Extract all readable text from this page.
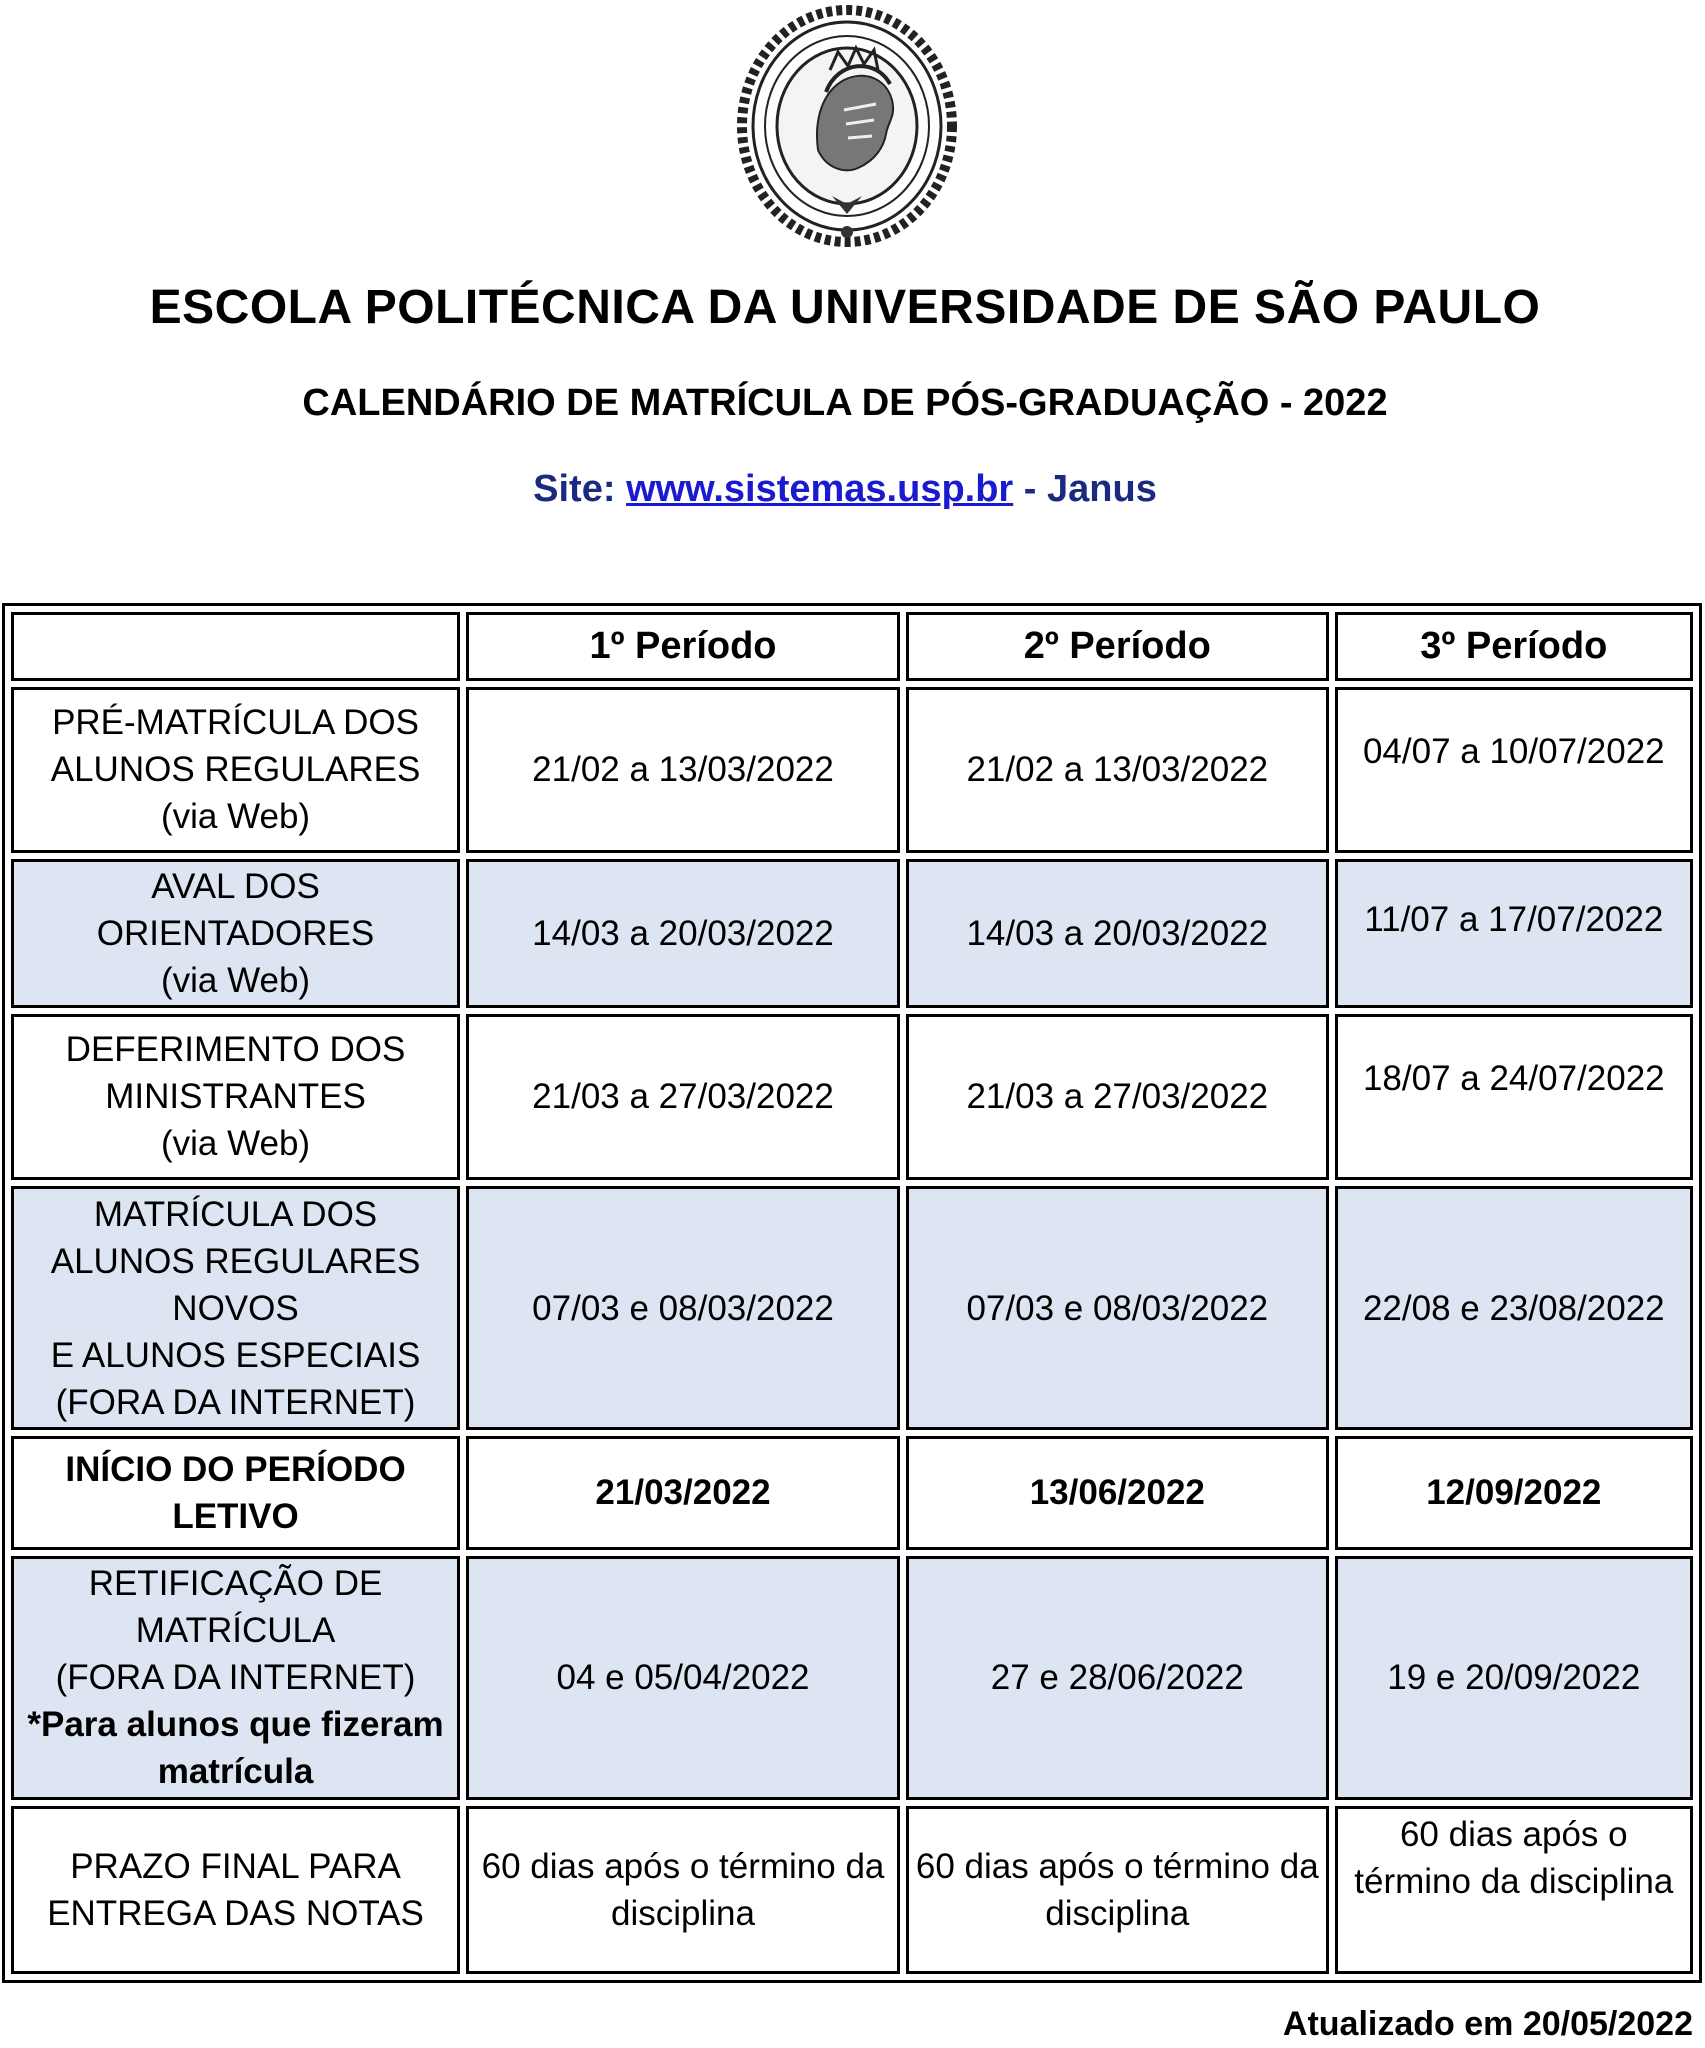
ESCOLA POLITÉCNICA DA UNIVERSIDADE DE SÃO PAULO
CALENDÁRIO DE MATRÍCULA DE PÓS-GRADUAÇÃO - 2022
Site: www.sistemas.usp.br - Janus
	1º Período	2º Período	3º Período

PRÉ-MATRÍCULA DOS
ALUNOS REGULARES
(via Web)	21/02 a 13/03/2022	21/02 a 13/03/2022	04/07 a 10/07/2022

AVAL DOS ORIENTADORES
(via Web)	14/03 a 20/03/2022	14/03 a 20/03/2022	11/07 a 17/07/2022

DEFERIMENTO DOS
MINISTRANTES
(via Web)	21/03 a 27/03/2022	21/03 a 27/03/2022	18/07 a 24/07/2022

MATRÍCULA DOS
ALUNOS REGULARES
NOVOS
E ALUNOS ESPECIAIS
(FORA DA INTERNET)	07/03 e 08/03/2022	07/03 e 08/03/2022	22/08 e 23/08/2022

INÍCIO DO PERÍODO
LETIVO	21/03/2022	13/06/2022	12/09/2022

RETIFICAÇÃO DE
MATRÍCULA
(FORA DA INTERNET)
*Para alunos que fizeram
matrícula	04 e 05/04/2022	27 e 28/06/2022	19 e 20/09/2022

PRAZO FINAL PARA
ENTREGA DAS NOTAS	60 dias após o término da disciplina	60 dias após o término da disciplina	60 dias após o término da disciplina
Atualizado em 20/05/2022
